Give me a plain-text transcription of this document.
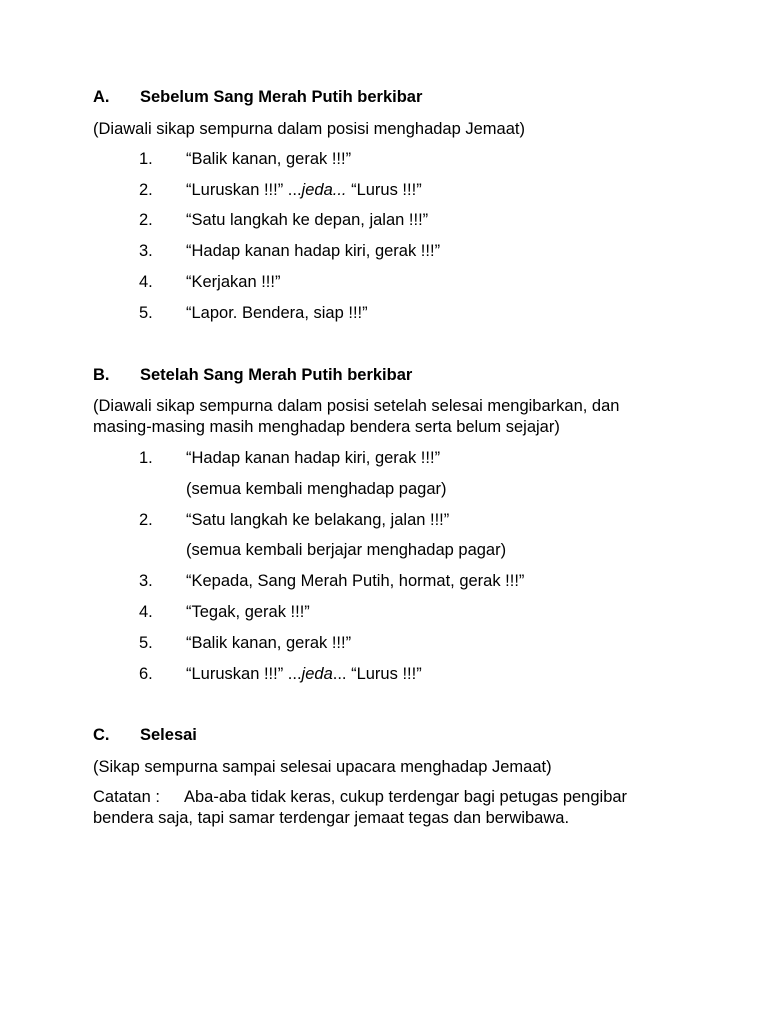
A. Sebelum Sang Merah Putih berkibar
(Diawali sikap sempurna dalam posisi menghadap Jemaat)
1. “Balik kanan, gerak !!!”
2. “Luruskan !!!” ...jeda... “Lurus !!!”
2. “Satu langkah ke depan, jalan !!!”
3. “Hadap kanan hadap kiri, gerak !!!”
4. “Kerjakan !!!”
5. “Lapor. Bendera, siap !!!”
B. Setelah Sang Merah Putih berkibar
(Diawali sikap sempurna dalam posisi setelah selesai mengibarkan, dan
masing-masing masih menghadap bendera serta belum sejajar)
1. “Hadap kanan hadap kiri, gerak !!!”
(semua kembali menghadap pagar)
2. “Satu langkah ke belakang, jalan !!!”
(semua kembali berjajar menghadap pagar)
3. “Kepada, Sang Merah Putih, hormat, gerak !!!”
4. “Tegak, gerak !!!”
5. “Balik kanan, gerak !!!”
6. “Luruskan !!!” ...jeda... “Lurus !!!”
C. Selesai
(Sikap sempurna sampai selesai upacara menghadap Jemaat)
Catatan : Aba-aba tidak keras, cukup terdengar bagi petugas pengibar
bendera saja, tapi samar terdengar jemaat tegas dan berwibawa.
